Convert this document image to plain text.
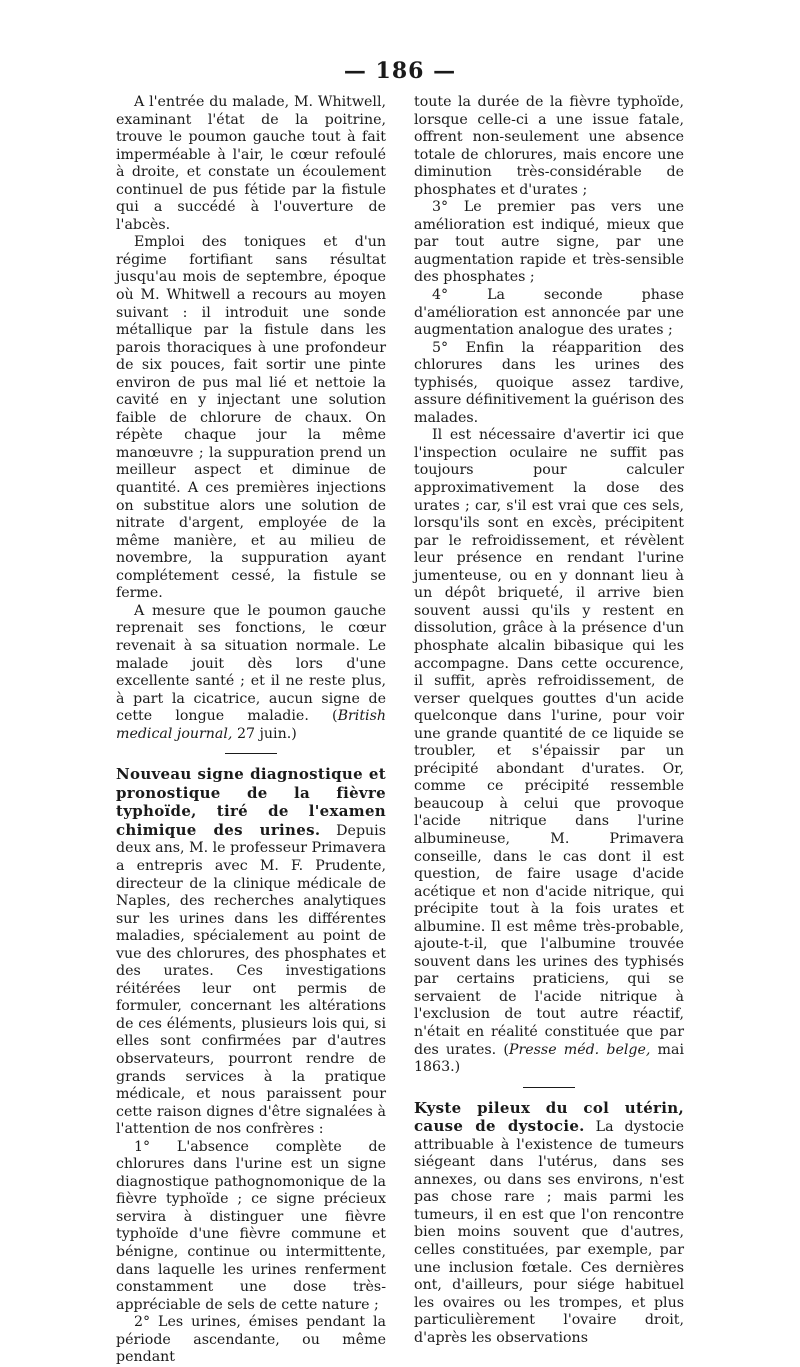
— 186 —

A l'entrée du malade, M. Whitwell, examinant l'état de la poitrine, trouve le poumon gauche tout à fait imperméable à l'air, le cœur refoulé à droite, et constate un écoulement continuel de pus fétide par la fistule qui a succédé à l'ouverture de l'abcès.

Emploi des toniques et d'un régime fortifiant sans résultat jusqu'au mois de septembre, époque où M. Whitwell a recours au moyen suivant : il introduit une sonde métallique par la fistule dans les parois thoraciques à une profondeur de six pouces, fait sortir une pinte environ de pus mal lié et nettoie la cavité en y injectant une solution faible de chlorure de chaux. On répète chaque jour la même manœuvre ; la suppuration prend un meilleur aspect et diminue de quantité. A ces premières injections on substitue alors une solution de nitrate d'argent, employée de la même manière, et au milieu de novembre, la suppuration ayant complétement cessé, la fistule se ferme.

A mesure que le poumon gauche reprenait ses fonctions, le cœur revenait à sa situation normale. Le malade jouit dès lors d'une excellente santé ; et il ne reste plus, à part la cicatrice, aucun signe de cette longue maladie. (British medical journal, 27 juin.)

Nouveau signe diagnostique et pronostique de la fièvre typhoïde, tiré de l'examen chimique des urines. Depuis deux ans, M. le professeur Primavera a entrepris avec M. F. Prudente, directeur de la clinique médicale de Naples, des recherches analytiques sur les urines dans les différentes maladies, spécialement au point de vue des chlorures, des phosphates et des urates. Ces investigations réitérées leur ont permis de formuler, concernant les altérations de ces éléments, plusieurs lois qui, si elles sont confirmées par d'autres observateurs, pourront rendre de grands services à la pratique médicale, et nous paraissent pour cette raison dignes d'être signalées à l'attention de nos confrères :

1° L'absence complète de chlorures dans l'urine est un signe diagnostique pathognomonique de la fièvre typhoïde ; ce signe précieux servira à distinguer une fièvre typhoïde d'une fièvre commune et bénigne, continue ou intermittente, dans laquelle les urines renferment constamment une dose très-appréciable de sels de cette nature ;

2° Les urines, émises pendant la période ascendante, ou même pendant

toute la durée de la fièvre typhoïde, lorsque celle-ci a une issue fatale, offrent non-seulement une absence totale de chlorures, mais encore une diminution très-considérable de phosphates et d'urates ;

3° Le premier pas vers une amélioration est indiqué, mieux que par tout autre signe, par une augmentation rapide et très-sensible des phosphates ;

4° La seconde phase d'amélioration est annoncée par une augmentation analogue des urates ;

5° Enfin la réapparition des chlorures dans les urines des typhisés, quoique assez tardive, assure définitivement la guérison des malades.

Il est nécessaire d'avertir ici que l'inspection oculaire ne suffit pas toujours pour calculer approximativement la dose des urates ; car, s'il est vrai que ces sels, lorsqu'ils sont en excès, précipitent par le refroidissement, et révèlent leur présence en rendant l'urine jumenteuse, ou en y donnant lieu à un dépôt briqueté, il arrive bien souvent aussi qu'ils y restent en dissolution, grâce à la présence d'un phosphate alcalin bibasique qui les accompagne. Dans cette occurence, il suffit, après refroidissement, de verser quelques gouttes d'un acide quelconque dans l'urine, pour voir une grande quantité de ce liquide se troubler, et s'épaissir par un précipité abondant d'urates. Or, comme ce précipité ressemble beaucoup à celui que provoque l'acide nitrique dans l'urine albumineuse, M. Primavera conseille, dans le cas dont il est question, de faire usage d'acide acétique et non d'acide nitrique, qui précipite tout à la fois urates et albumine. Il est même très-probable, ajoute-t-il, que l'albumine trouvée souvent dans les urines des typhisés par certains praticiens, qui se servaient de l'acide nitrique à l'exclusion de tout autre réactif, n'était en réalité constituée que par des urates. (Presse méd. belge, mai 1863.)

Kyste pileux du col utérin, cause de dystocie. La dystocie attribuable à l'existence de tumeurs siégeant dans l'utérus, dans ses annexes, ou dans ses environs, n'est pas chose rare ; mais parmi les tumeurs, il en est que l'on rencontre bien moins souvent que d'autres, celles constituées, par exemple, par une inclusion fœtale. Ces dernières ont, d'ailleurs, pour siége habituel les ovaires ou les trompes, et plus particulièrement l'ovaire droit, d'après les observations
